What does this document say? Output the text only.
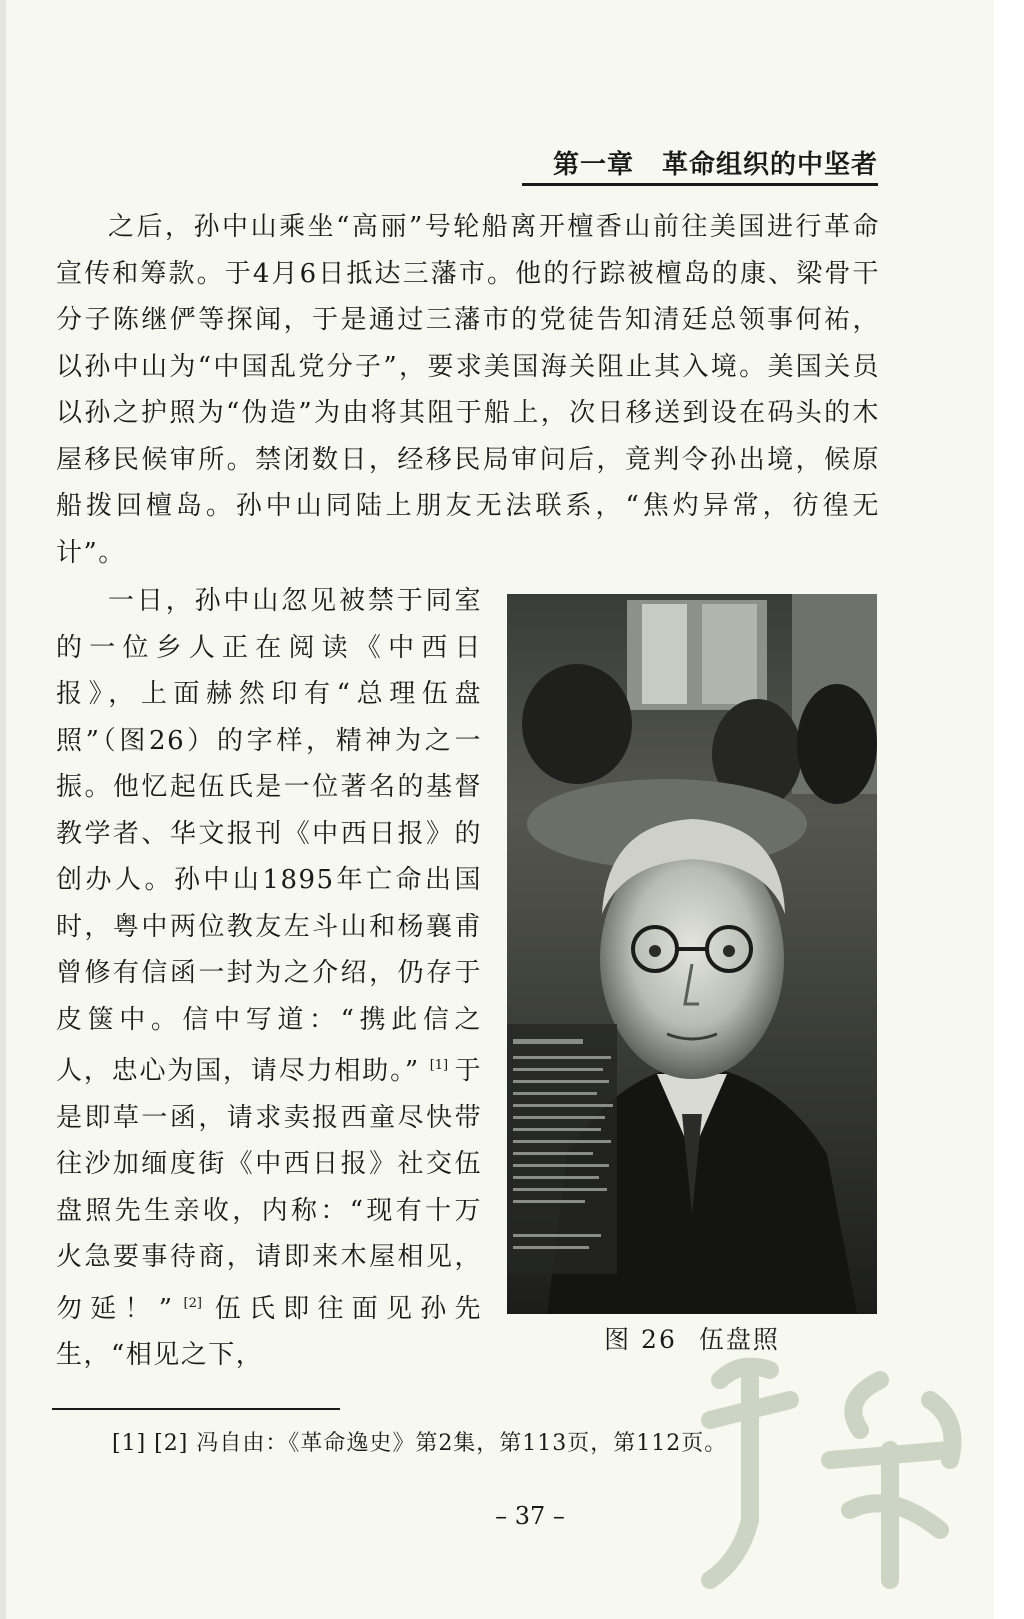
第一章 革命组织的中坚者

之后，孙中山乘坐“高丽”号轮船离开檀香山前往美国进行革命宣传和筹款。于4月6日抵达三藩市。他的行踪被檀岛的康、梁骨干分子陈继俨等探闻，于是通过三藩市的党徒告知清廷总领事何祐，以孙中山为“中国乱党分子”，要求美国海关阻止其入境。美国关员以孙之护照为“伪造”为由将其阻于船上，次日移送到设在码头的木屋移民候审所。禁闭数日，经移民局审问后，竟判令孙出境，候原船拨回檀岛。孙中山同陆上朋友无法联系，“焦灼异常，彷徨无计”。

一日，孙中山忽见被禁于同室的一位乡人正在阅读《中西日报》，上面赫然印有“总理伍盘照”（图26）的字样，精神为之一振。他忆起伍氏是一位著名的基督教学者、华文报刊《中西日报》的创办人。孙中山1895年亡命出国时，粤中两位教友左斗山和杨襄甫曾修有信函一封为之介绍，仍存于皮箧中。信中写道：“携此信之人，忠心为国，请尽力相助。” [1] 于是即草一函，请求卖报西童尽快带往沙加缅度街《中西日报》社交伍盘照先生亲收，内称：“现有十万火急要事待商，请即来木屋相见，勿延！” [2] 伍氏即往面见孙先生，“相见之下，

图 26 伍盘照
[1] [2] 冯自由：《革命逸史》第2集，第113页，第112页。
– 37 –
